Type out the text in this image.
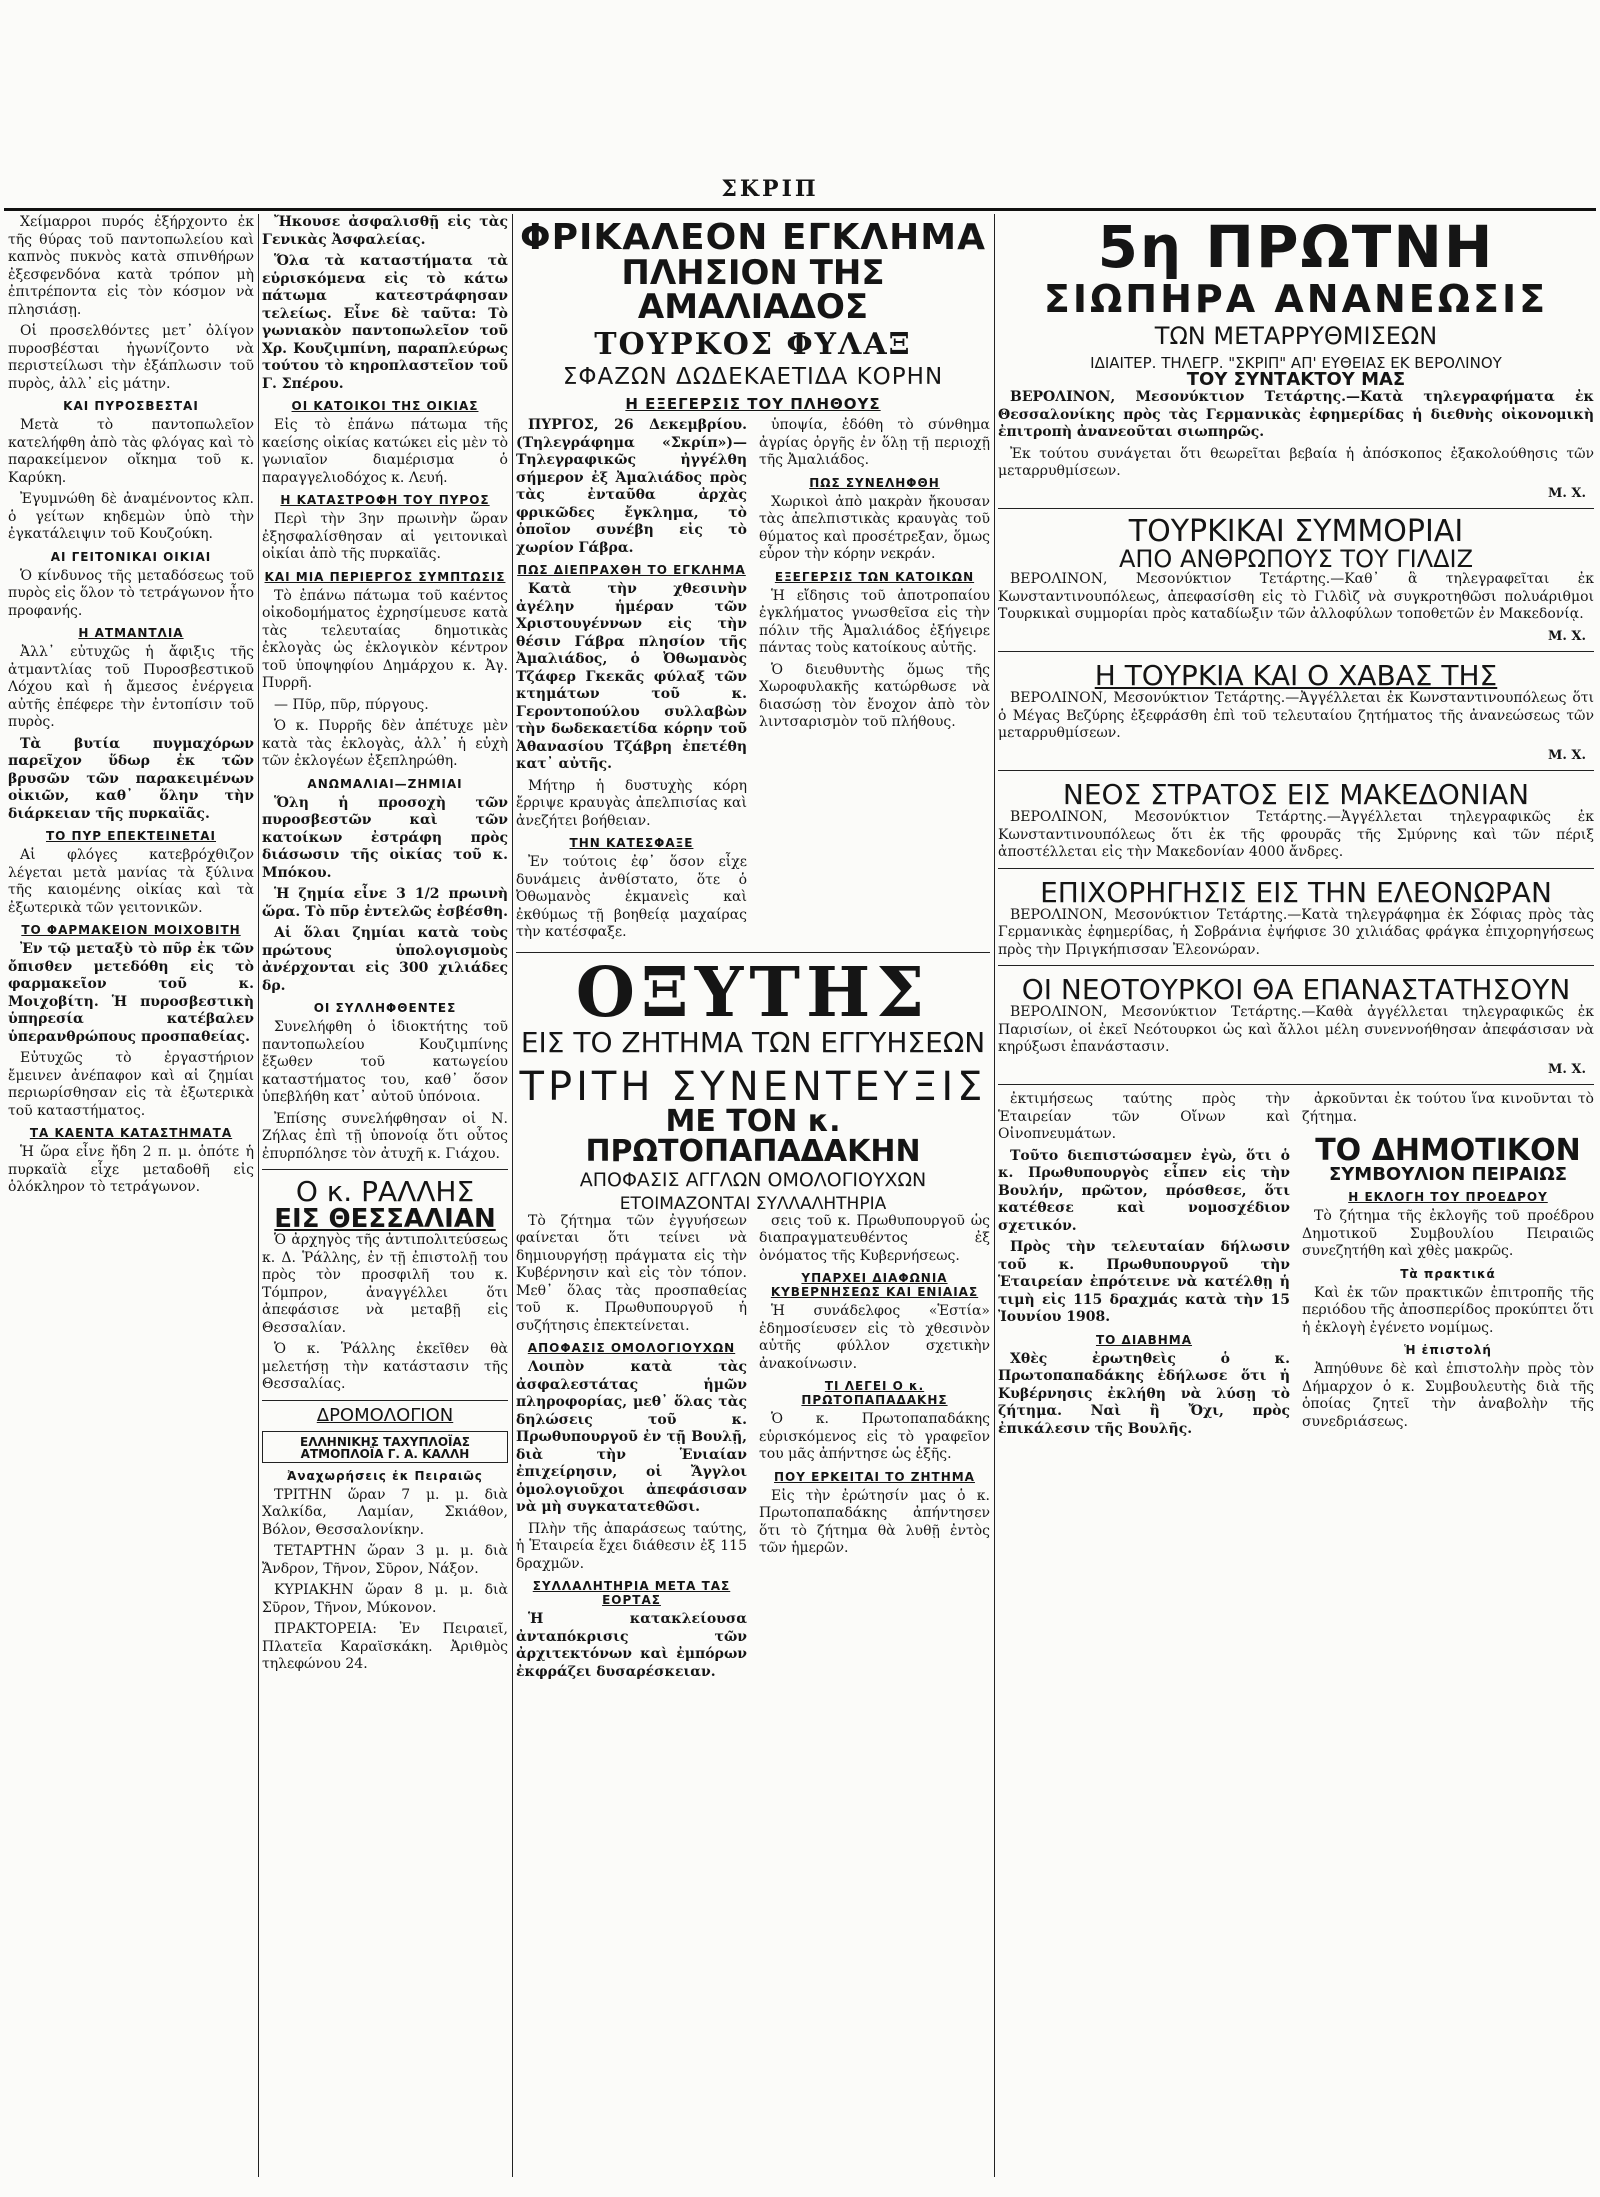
ΣΚΡΙΠ

Χείμαρροι πυρός ἐξήρχοντο ἐκ τῆς θύρας τοῦ παντοπωλείου καὶ καπνὸς πυκνὸς κατὰ σπινθήρων ἐξεσφενδόνα κατὰ τρόπον μὴ ἐπιτρέποντα εἰς τὸν κόσμον νὰ πλησιάσῃ.

Οἱ προσελθόντες μετ᾽ ὀλίγον πυροσβέσται ἠγωνίζοντο νὰ περιστείλωσι τὴν ἐξάπλωσιν τοῦ πυρὸς, ἀλλ᾽ εἰς μάτην.

ΚΑΙ ΠΥΡΟΣΒΕΣΤΑΙ

Μετὰ τὸ παντοπωλεῖον κατελήφθη ἀπὸ τὰς φλόγας καὶ τὸ παρακείμενον οἴκημα τοῦ κ. Καρύκη.

Ἐγυμνώθη δὲ ἀναμένοντος κλπ. ὁ γείτων κηδεμὼν ὑπὸ τὴν ἐγκατάλειψιν τοῦ Κουζούκη.

ΑΙ ΓΕΙΤΟΝΙΚΑΙ ΟΙΚΙΑΙ

Ὁ κίνδυνος τῆς μεταδόσεως τοῦ πυρὸς εἰς ὅλον τὸ τετράγωνον ἦτο προφανής.

Η ΑΤΜΑΝΤΛΙΑ

Ἀλλ᾽ εὐτυχῶς ἡ ἄφιξις τῆς ἀτμαντλίας τοῦ Πυροσβεστικοῦ Λόχου καὶ ἡ ἄμεσος ἐνέργεια αὐτῆς ἐπέφερε τὴν ἐντοπίσιν τοῦ πυρὸς.

Τὰ βυτία πυγμαχόρων παρεῖχον ὕδωρ ἐκ τῶν βρυσῶν τῶν παρακειμένων οἰκιῶν, καθ᾽ ὅλην τὴν διάρκειαν τῆς πυρκαϊᾶς.

ΤΟ ΠΥΡ ΕΠΕΚΤΕΙΝΕΤΑΙ

Αἱ φλόγες κατεβρόχθιζον λέγεται μετὰ μανίας τὰ ξύλινα τῆς καιομένης οἰκίας καὶ τὰ ἐξωτερικὰ τῶν γειτονικῶν.

ΤΟ ΦΑΡΜΑΚΕΙΟΝ ΜΟΙΧΟΒΙΤΗ

Ἐν τῷ μεταξὺ τὸ πῦρ ἐκ τῶν ὄπισθεν μετεδόθη εἰς τὸ φαρμακεῖον τοῦ κ. Μοιχοβίτη. Ἡ πυροσβεστικὴ ὑπηρεσία κατέβαλεν ὑπερανθρώπους προσπαθείας.

Εὐτυχῶς τὸ ἐργαστήριον ἔμεινεν ἀνέπαφον καὶ αἱ ζημίαι περιωρίσθησαν εἰς τὰ ἐξωτερικὰ τοῦ καταστήματος.

ΤΑ ΚΑΕΝΤΑ ΚΑΤΑΣΤΗΜΑΤΑ

Ἡ ὥρα εἶνε ἤδη 2 π. μ. ὁπότε ἡ πυρκαϊὰ εἶχε μεταδοθῆ εἰς ὁλόκληρον τὸ τετράγωνον.

Ἤκουσε ἀσφαλισθῇ εἰς τὰς Γενικὰς Ἀσφαλείας.

Ὅλα τὰ καταστήματα τὰ εὑρισκόμενα εἰς τὸ κάτω πάτωμα κατεστράφησαν τελείως. Εἶνε δὲ ταῦτα: Τὸ γωνιακὸν παντοπωλεῖον τοῦ Χρ. Κουζιμπίνη, παραπλεύρως τούτου τὸ κηροπλαστεῖον τοῦ Γ. Σπέρου.

ΟΙ ΚΑΤΟΙΚΟΙ ΤΗΣ ΟΙΚΙΑΣ

Εἰς τὸ ἐπάνω πάτωμα τῆς καείσης οἰκίας κατώκει εἰς μὲν τὸ γωνιαῖον διαμέρισμα ὁ παραγγελιοδόχος κ. Λευή.

Η ΚΑΤΑΣΤΡΟΦΗ ΤΟΥ ΠΥΡΟΣ

Περὶ τὴν 3ην πρωινὴν ὥραν ἐξησφαλίσθησαν αἱ γειτονικαὶ οἰκίαι ἀπὸ τῆς πυρκαϊᾶς.

ΚΑΙ ΜΙΑ ΠΕΡΙΕΡΓΟΣ ΣΥΜΠΤΩΣΙΣ

Τὸ ἐπάνω πάτωμα τοῦ καέντος οἰκοδομήματος ἐχρησίμευσε κατὰ τὰς τελευταίας δημοτικὰς ἐκλογὰς ὡς ἐκλογικὸν κέντρον τοῦ ὑποψηφίου Δημάρχου κ. Ἀγ. Πυρρῆ.

— Πῦρ, πῦρ, πύργους.

Ὁ κ. Πυρρῆς δὲν ἀπέτυχε μὲν κατὰ τὰς ἐκλογὰς, ἀλλ᾽ ἡ εὐχὴ τῶν ἐκλογέων ἐξεπληρώθη.

ΑΝΩΜΑΛΙΑΙ—ΖΗΜΙΑΙ

Ὅλη ἡ προσοχὴ τῶν πυροσβεστῶν καὶ τῶν κατοίκων ἐστράφη πρὸς διάσωσιν τῆς οἰκίας τοῦ κ. Μπόκου.

Ἡ ζημία εἶνε 3 1/2 πρωινὴ ὥρα. Τὸ πῦρ ἐντελῶς ἐσβέσθη.

Αἱ ὅλαι ζημίαι κατὰ τοὺς πρώτους ὑπολογισμοὺς ἀνέρχονται εἰς 300 χιλιάδες δρ.

ΟΙ ΣΥΛΛΗΦΘΕΝΤΕΣ

Συνελήφθη ὁ ἰδιοκτήτης τοῦ παντοπωλείου Κουζιμπίνης ἔξωθεν τοῦ κατωγείου καταστήματος του, καθ᾽ ὅσον ὑπεβλήθη κατ᾽ αὐτοῦ ὑπόνοια.

Ἐπίσης συνελήφθησαν οἱ Ν. Ζήλας ἐπὶ τῇ ὑπονοίᾳ ὅτι οὗτος ἐπυρπόλησε τὸν ἀτυχῆ κ. Γιάχου.

Ο κ. ΡΑΛΛΗΣ
ΕΙΣ ΘΕΣΣΑΛΙΑΝ

Ὁ ἀρχηγὸς τῆς ἀντιπολιτεύσεως κ. Δ. Ῥάλλης, ἐν τῇ ἐπιστολῇ του πρὸς τὸν προσφιλῆ του κ. Τόμπρον, ἀναγγέλλει ὅτι ἀπεφάσισε νὰ μεταβῇ εἰς Θεσσαλίαν.

Ὁ κ. Ῥάλλης ἐκεῖθεν θὰ μελετήσῃ τὴν κατάστασιν τῆς Θεσσαλίας.

ΔΡΟΜΟΛΟΓΙΟΝ
ΕΛΛΗΝΙΚΗΣ ΤΑΧΥΠΛΟΪΑΣ ΑΤΜΟΠΛΟΪΑ Γ. Α. ΚΑΛΛΗ
Ἀναχωρήσεις ἐκ Πειραιῶς

ΤΡΙΤΗΝ ὥραν 7 μ. μ. διὰ Χαλκίδα, Λαμίαν, Σκιάθον, Βόλον, Θεσσαλονίκην.

ΤΕΤΑΡΤΗΝ ὥραν 3 μ. μ. διὰ Ἄνδρον, Τῆνον, Σῦρον, Νάξον.

ΚΥΡΙΑΚΗΝ ὥραν 8 μ. μ. διὰ Σῦρον, Τῆνον, Μύκονον.

ΠΡΑΚΤΟΡΕΙΑ: Ἐν Πειραιεῖ, Πλατεῖα Καραϊσκάκη. Ἀριθμὸς τηλεφώνου 24.

ΦΡΙΚΑΛΕΟΝ ΕΓΚΛΗΜΑ
ΠΛΗΣΙΟΝ ΤΗΣ ΑΜΑΛΙΑΔΟΣ
ΤΟΥΡΚΟΣ ΦΥΛΑΞ
ΣΦΑΖΩΝ ΔΩΔΕΚΑΕΤΙΔΑ ΚΟΡΗΝ
Η ΕΞΕΓΕΡΣΙΣ ΤΟΥ ΠΛΗΘΟΥΣ

ΠΥΡΓΟΣ, 26 Δεκεμβρίου. (Τηλεγράφημα «Σκρίπ»)—Τηλεγραφικῶς ἠγγέλθη σήμερον ἐξ Ἀμαλιάδος πρὸς τὰς ἐνταῦθα ἀρχὰς φρικῶδες ἔγκλημα, τὸ ὁποῖον συνέβη εἰς τὸ χωρίον Γάβρα.

ΠΩΣ ΔΙΕΠΡΑΧΘΗ ΤΟ ΕΓΚΛΗΜΑ

Κατὰ τὴν χθεσινὴν ἀγέλην ἡμέραν τῶν Χριστουγέννων εἰς τὴν θέσιν Γάβρα πλησίον τῆς Ἀμαλιάδος, ὁ Ὀθωμανὸς Τζάφερ Γκεκᾶς φύλαξ τῶν κτημάτων τοῦ κ. Γεροντοπούλου συλλαβὼν τὴν δωδεκαετίδα κόρην τοῦ Ἀθανασίου Τζάβρη ἐπετέθη κατ᾽ αὐτῆς.

Μήτηρ ἡ δυστυχὴς κόρη ἔρριψε κραυγὰς ἀπελπισίας καὶ ἀνεζήτει βοήθειαν.

ΤΗΝ ΚΑΤΕΣΦΑΞΕ

Ἐν τούτοις ἐφ᾽ ὅσον εἶχε δυνάμεις ἀνθίστατο, ὅτε ὁ Ὀθωμανὸς ἐκμανεὶς καὶ ἐκθύμως τῇ βοηθείᾳ μαχαίρας τὴν κατέσφαξε.

ὑποψία, ἐδόθη τὸ σύνθημα ἀγρίας ὀργῆς ἐν ὅλῃ τῇ περιοχῇ τῆς Ἀμαλιάδος.

ΠΩΣ ΣΥΝΕΛΗΦΘΗ

Χωρικοὶ ἀπὸ μακρὰν ἤκουσαν τὰς ἀπελπιστικὰς κραυγὰς τοῦ θύματος καὶ προσέτρεξαν, ὅμως εὗρον τὴν κόρην νεκράν.

ΕΞΕΓΕΡΣΙΣ ΤΩΝ ΚΑΤΟΙΚΩΝ

Ἡ εἴδησις τοῦ ἀποτροπαίου ἐγκλήματος γνωσθεῖσα εἰς τὴν πόλιν τῆς Ἀμαλιάδος ἐξήγειρε πάντας τοὺς κατοίκους αὐτῆς.

Ὁ διευθυντὴς ὅμως τῆς Χωροφυλακῆς κατώρθωσε νὰ διασώσῃ τὸν ἔνοχον ἀπὸ τὸν λιντσαρισμὸν τοῦ πλήθους.

ΟΞΥΤΗΣ
ΕΙΣ ΤΟ ΖΗΤΗΜΑ ΤΩΝ ΕΓΓΥΗΣΕΩΝ
ΤΡΙΤΗ ΣΥΝΕΝΤΕΥΞΙΣ
ΜΕ ΤΟΝ κ. ΠΡΩΤΟΠΑΠΑΔΑΚΗΝ
ΑΠΟΦΑΣΙΣ ΑΓΓΛΩΝ ΟΜΟΛΟΓΙΟΥΧΩΝ
ΕΤΟΙΜΑΖΟΝΤΑΙ ΣΥΛΛΑΛΗΤΗΡΙΑ

Τὸ ζήτημα τῶν ἐγγυήσεων φαίνεται ὅτι τείνει νὰ δημιουργήσῃ πράγματα εἰς τὴν Κυβέρνησιν καὶ εἰς τὸν τόπον. Μεθ᾽ ὅλας τὰς προσπαθείας τοῦ κ. Πρωθυπουργοῦ ἡ συζήτησις ἐπεκτείνεται.

ΑΠΟΦΑΣΙΣ ΟΜΟΛΟΓΙΟΥΧΩΝ

Λοιπὸν κατὰ τὰς ἀσφαλεστάτας ἡμῶν πληροφορίας, μεθ᾽ ὅλας τὰς δηλώσεις τοῦ κ. Πρωθυπουργοῦ ἐν τῇ Βουλῇ, διὰ τὴν Ἑνιαίαν ἐπιχείρησιν, οἱ Ἄγγλοι ὁμολογιοῦχοι ἀπεφάσισαν νὰ μὴ συγκατατεθῶσι.

Πλὴν τῆς ἀπαράσεως ταύτης, ἡ Ἑταιρεία ἔχει διάθεσιν ἐξ 115 δραχμῶν.

ΣΥΛΛΑΛΗΤΗΡΙΑ ΜΕΤΑ ΤΑΣ ΕΟΡΤΑΣ

Ἡ κατακλείουσα ἀνταπόκρισις τῶν ἀρχιτεκτόνων καὶ ἐμπόρων ἐκφράζει δυσαρέσκειαν.

σεις τοῦ κ. Πρωθυπουργοῦ ὡς διαπραγματευθέντος ἐξ ὀνόματος τῆς Κυβερνήσεως.

ΥΠΑΡΧΕΙ ΔΙΑΦΩΝΙΑ ΚΥΒΕΡΝΗΣΕΩΣ ΚΑΙ ΕΝΙΑΙΑΣ

Ἡ συνάδελφος «Ἑστία» ἐδημοσίευσεν εἰς τὸ χθεσινὸν αὐτῆς φύλλον σχετικὴν ἀνακοίνωσιν.

ΤΙ ΛΕΓΕΙ Ο κ. ΠΡΩΤΟΠΑΠΑΔΑΚΗΣ

Ὁ κ. Πρωτοπαπαδάκης εὑρισκόμενος εἰς τὸ γραφεῖον του μᾶς ἀπήντησε ὡς ἑξῆς.

ΠΟΥ ΕΡΚΕΙΤΑΙ ΤΟ ΖΗΤΗΜΑ

Εἰς τὴν ἐρώτησίν μας ὁ κ. Πρωτοπαπαδάκης ἀπήντησεν ὅτι τὸ ζήτημα θὰ λυθῇ ἐντὸς τῶν ἡμερῶν.

5η ΠΡΩΤΝΗ
ΣΙΩΠΗΡΑ ΑΝΑΝΕΩΣΙΣ
ΤΩΝ ΜΕΤΑΡΡΥΘΜΙΣΕΩΝ
ΙΔΙΑΙΤΕΡ. ΤΗΛΕΓΡ. "ΣΚΡΙΠ" ΑΠ' ΕΥΘΕΙΑΣ ΕΚ ΒΕΡΟΛΙΝΟΥ
ΤΟΥ ΣΥΝΤΑΚΤΟΥ ΜΑΣ

ΒΕΡΟΛΙΝΟΝ, Μεσονύκτιον Τετάρτης.—Κατὰ τηλεγραφήματα ἐκ Θεσσαλονίκης πρὸς τὰς Γερμανικὰς ἐφημερίδας ἡ διεθνὴς οἰκονομικὴ ἐπιτροπὴ ἀνανεοῦται σιωπηρῶς.

Ἐκ τούτου συνάγεται ὅτι θεωρεῖται βεβαία ἡ ἀπόσκοπος ἐξακολούθησις τῶν μεταρρυθμίσεων.

Μ. Χ.

ΤΟΥΡΚΙΚΑΙ ΣΥΜΜΟΡΙΑΙ
ΑΠΟ ΑΝΘΡΩΠΟΥΣ ΤΟΥ ΓΙΛΔΙΖ

ΒΕΡΟΛΙΝΟΝ, Μεσονύκτιον Τετάρτης.—Καθ᾽ ἃ τηλεγραφεῖται ἐκ Κωνσταντινουπόλεως, ἀπεφασίσθη εἰς τὸ Γιλδὶζ νὰ συγκροτηθῶσι πολυάριθμοι Τουρκικαὶ συμμορίαι πρὸς καταδίωξιν τῶν ἀλλοφύλων τοποθετῶν ἐν Μακεδονίᾳ.

Μ. Χ.

Η ΤΟΥΡΚΙΑ ΚΑΙ Ο ΧΑΒΑΣ ΤΗΣ

ΒΕΡΟΛΙΝΟΝ, Μεσονύκτιον Τετάρτης.—Ἀγγέλλεται ἐκ Κωνσταντινουπόλεως ὅτι ὁ Μέγας Βεζύρης ἐξεφράσθη ἐπὶ τοῦ τελευταίου ζητήματος τῆς ἀνανεώσεως τῶν μεταρρυθμίσεων.

Μ. Χ.

ΝΕΟΣ ΣΤΡΑΤΟΣ ΕΙΣ ΜΑΚΕΔΟΝΙΑΝ

ΒΕΡΟΛΙΝΟΝ, Μεσονύκτιον Τετάρτης.—Ἀγγέλλεται τηλεγραφικῶς ἐκ Κωνσταντινουπόλεως ὅτι ἐκ τῆς φρουρᾶς τῆς Σμύρνης καὶ τῶν πέριξ ἀποστέλλεται εἰς τὴν Μακεδονίαν 4000 ἄνδρες.

ΕΠΙΧΟΡΗΓΗΣΙΣ ΕΙΣ ΤΗΝ ΕΛΕΟΝΩΡΑΝ

ΒΕΡΟΛΙΝΟΝ, Μεσονύκτιον Τετάρτης.—Κατὰ τηλεγράφημα ἐκ Σόφιας πρὸς τὰς Γερμανικὰς ἐφημερίδας, ἡ Σοβράνια ἐψήφισε 30 χιλιάδας φράγκα ἐπιχορηγήσεως πρὸς τὴν Πριγκήπισσαν Ἐλεονώραν.

ΟΙ ΝΕΟΤΟΥΡΚΟΙ ΘΑ ΕΠΑΝΑΣΤΑΤΗΣΟΥΝ

ΒΕΡΟΛΙΝΟΝ, Μεσονύκτιον Τετάρτης.—Καθὰ ἀγγέλλεται τηλεγραφικῶς ἐκ Παρισίων, οἱ ἐκεῖ Νεότουρκοι ὡς καὶ ἄλλοι μέλη συνεννοήθησαν ἀπεφάσισαν νὰ κηρύξωσι ἐπανάστασιν.

Μ. Χ.

ἐκτιμήσεως ταύτης πρὸς τὴν Ἑταιρείαν τῶν Οἴνων καὶ Οἰνοπνευμάτων.

Τοῦτο διεπιστώσαμεν ἐγὼ, ὅτι ὁ κ. Πρωθυπουργὸς εἶπεν εἰς τὴν Βουλήν, πρῶτον, πρόσθεσε, ὅτι κατέθεσε καὶ νομοσχέδιον σχετικόν.

Πρὸς τὴν τελευταίαν δήλωσιν τοῦ κ. Πρωθυπουργοῦ τὴν Ἑταιρείαν ἐπρότεινε νὰ κατέλθῃ ἡ τιμὴ εἰς 115 δραχμάς κατὰ τὴν 15 Ἰουνίου 1908.

ΤΟ ΔΙΑΒΗΜΑ

Χθὲς ἐρωτηθεὶς ὁ κ. Πρωτοπαπαδάκης ἐδήλωσε ὅτι ἡ Κυβέρνησις ἐκλήθη νὰ λύσῃ τὸ ζήτημα. Ναὶ ἢ Ὄχι, πρὸς ἐπικάλεσιν τῆς Βουλῆς.

ἀρκοῦνται ἐκ τούτου ἵνα κινοῦνται τὸ ζήτημα.

ΤΟ ΔΗΜΟΤΙΚΟΝ
ΣΥΜΒΟΥΛΙΟΝ ΠΕΙΡΑΙΩΣ
Η ΕΚΛΟΓΗ ΤΟΥ ΠΡΟΕΔΡΟΥ

Τὸ ζήτημα τῆς ἐκλογῆς τοῦ προέδρου Δημοτικοῦ Συμβουλίου Πειραιῶς συνεζητήθη καὶ χθὲς μακρῶς.

Τὰ πρακτικά

Καὶ ἐκ τῶν πρακτικῶν ἐπιτροπῆς τῆς περιόδου τῆς ἀποσπερίδος προκύπτει ὅτι ἡ ἐκλογὴ ἐγένετο νομίμως.

Ἡ ἐπιστολή

Ἀπηύθυνε δὲ καὶ ἐπιστολὴν πρὸς τὸν Δήμαρχον ὁ κ. Συμβουλευτὴς διὰ τῆς ὁποίας ζητεῖ τὴν ἀναβολὴν τῆς συνεδριάσεως.
